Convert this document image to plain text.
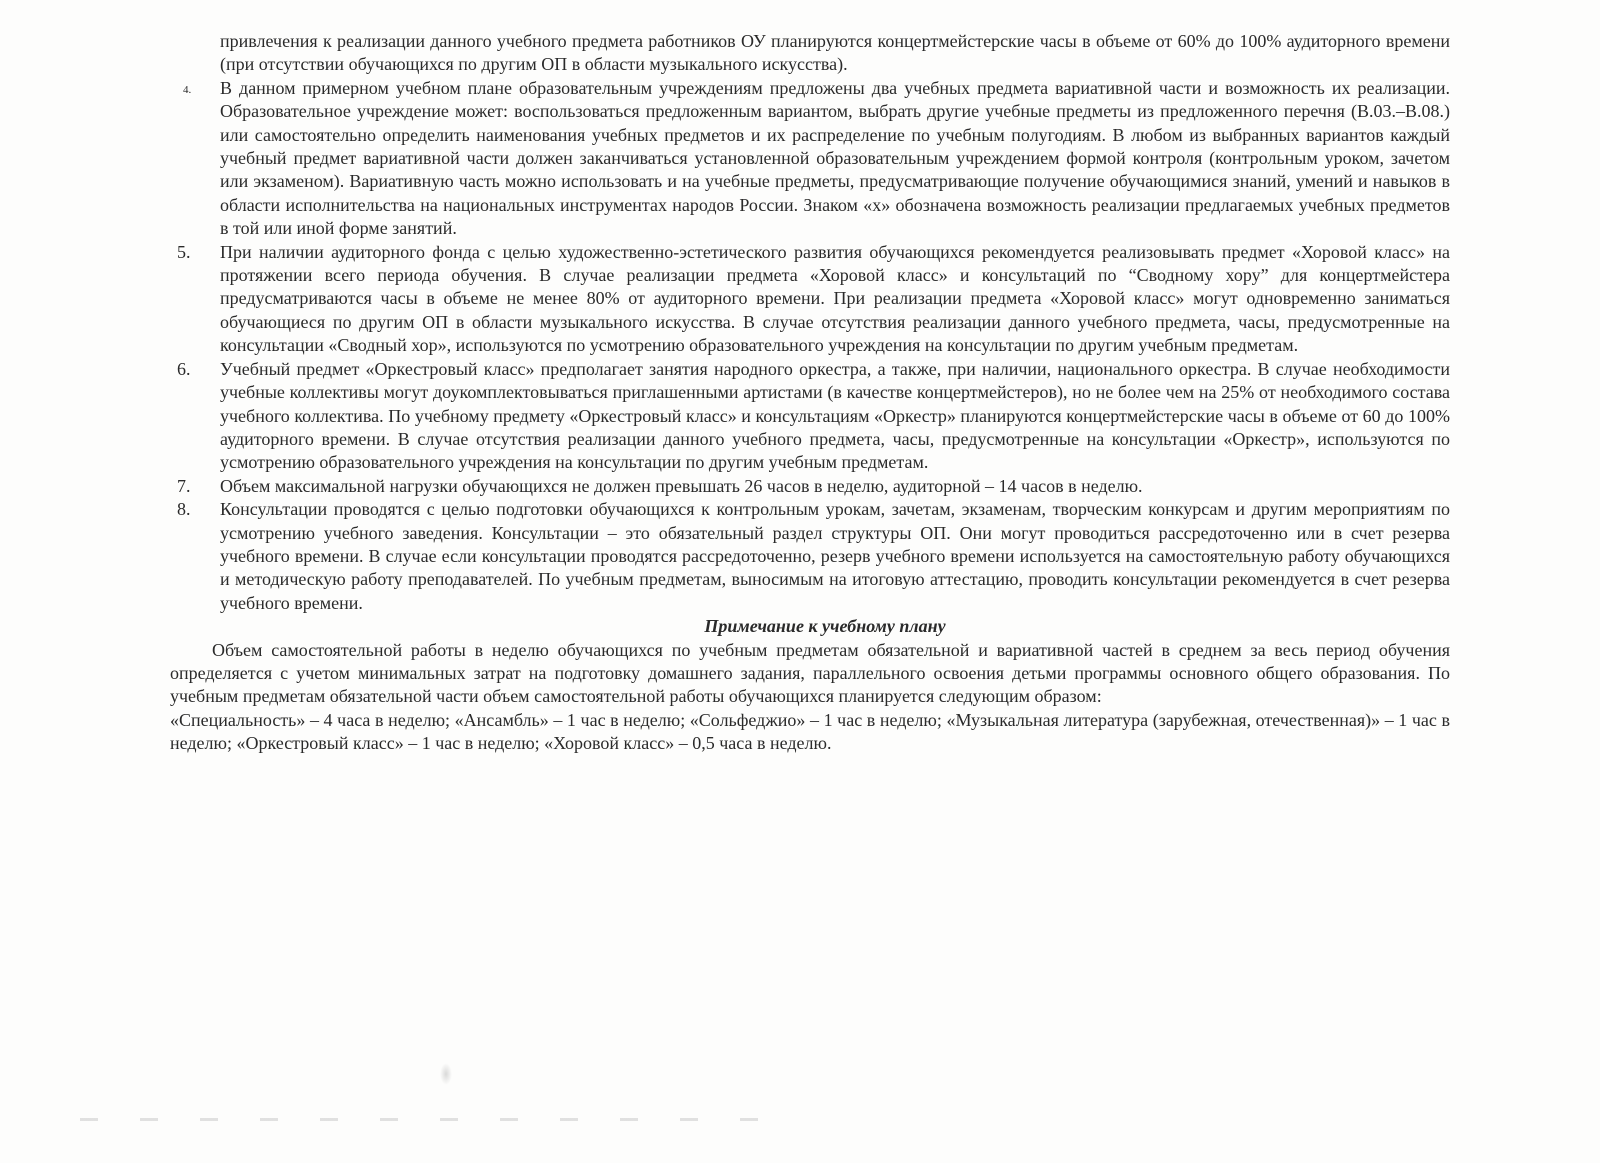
привлечения к реализации данного учебного предмета работников ОУ планируются концертмейстерские часы в объеме от 60% до 100% аудиторного времени (при отсутствии обучающихся по другим ОП в области музыкального искусства).

4. В данном примерном учебном плане образовательным учреждениям предложены два учебных предмета вариативной части и возможность их реализации. Образовательное учреждение может: воспользоваться предложенным вариантом, выбрать другие учебные предметы из предложенного перечня (В.03.–В.08.) или самостоятельно определить наименования учебных предметов и их распределение по учебным полугодиям. В любом из выбранных вариантов каждый учебный предмет вариативной части должен заканчиваться установленной образовательным учреждением формой контроля (контрольным уроком, зачетом или экзаменом). Вариативную часть можно использовать и на учебные предметы, предусматривающие получение обучающимися знаний, умений и навыков в области исполнительства на национальных инструментах народов России. Знаком «х» обозначена возможность реализации предлагаемых учебных предметов в той или иной форме занятий.
5. При наличии аудиторного фонда с целью художественно-эстетического развития обучающихся рекомендуется реализовывать предмет «Хоровой класс» на протяжении всего периода обучения. В случае реализации предмета «Хоровой класс» и консультаций по “Сводному хору” для концертмейстера предусматриваются часы в объеме не менее 80% от аудиторного времени. При реализации предмета «Хоровой класс» могут одновременно заниматься обучающиеся по другим ОП в области музыкального искусства. В случае отсутствия реализации данного учебного предмета, часы, предусмотренные на консультации «Сводный хор», используются по усмотрению образовательного учреждения на консультации по другим учебным предметам.
6. Учебный предмет «Оркестровый класс» предполагает занятия народного оркестра, а также, при наличии, национального оркестра. В случае необходимости учебные коллективы могут доукомплектовываться приглашенными артистами (в качестве концертмейстеров), но не более чем на 25% от необходимого состава учебного коллектива. По учебному предмету «Оркестровый класс» и консультациям «Оркестр» планируются концертмейстерские часы в объеме от 60 до 100% аудиторного времени. В случае отсутствия реализации данного учебного предмета, часы, предусмотренные на консультации «Оркестр», используются по усмотрению образовательного учреждения на консультации по другим учебным предметам.
7. Объем максимальной нагрузки обучающихся не должен превышать 26 часов в неделю, аудиторной – 14 часов в неделю.
8. Консультации проводятся с целью подготовки обучающихся к контрольным урокам, зачетам, экзаменам, творческим конкурсам и другим мероприятиям по усмотрению учебного заведения. Консультации – это обязательный раздел структуры ОП. Они могут проводиться рассредоточенно или в счет резерва учебного времени. В случае если консультации проводятся рассредоточенно, резерв учебного времени используется на самостоятельную работу обучающихся и методическую работу преподавателей. По учебным предметам, выносимым на итоговую аттестацию, проводить консультации рекомендуется в счет резерва учебного времени.

Примечание к учебному плану

Объем самостоятельной работы в неделю обучающихся по учебным предметам обязательной и вариативной частей в среднем за весь период обучения определяется с учетом минимальных затрат на подготовку домашнего задания, параллельного освоения детьми программы основного общего образования. По учебным предметам обязательной части объем самостоятельной работы обучающихся планируется следующим образом:

«Специальность» – 4 часа в неделю; «Ансамбль» – 1 час в неделю; «Сольфеджио» – 1 час в неделю; «Музыкальная литература (зарубежная, отечественная)» – 1 час в неделю; «Оркестровый класс» – 1 час в неделю; «Хоровой класс» – 0,5 часа в неделю.
